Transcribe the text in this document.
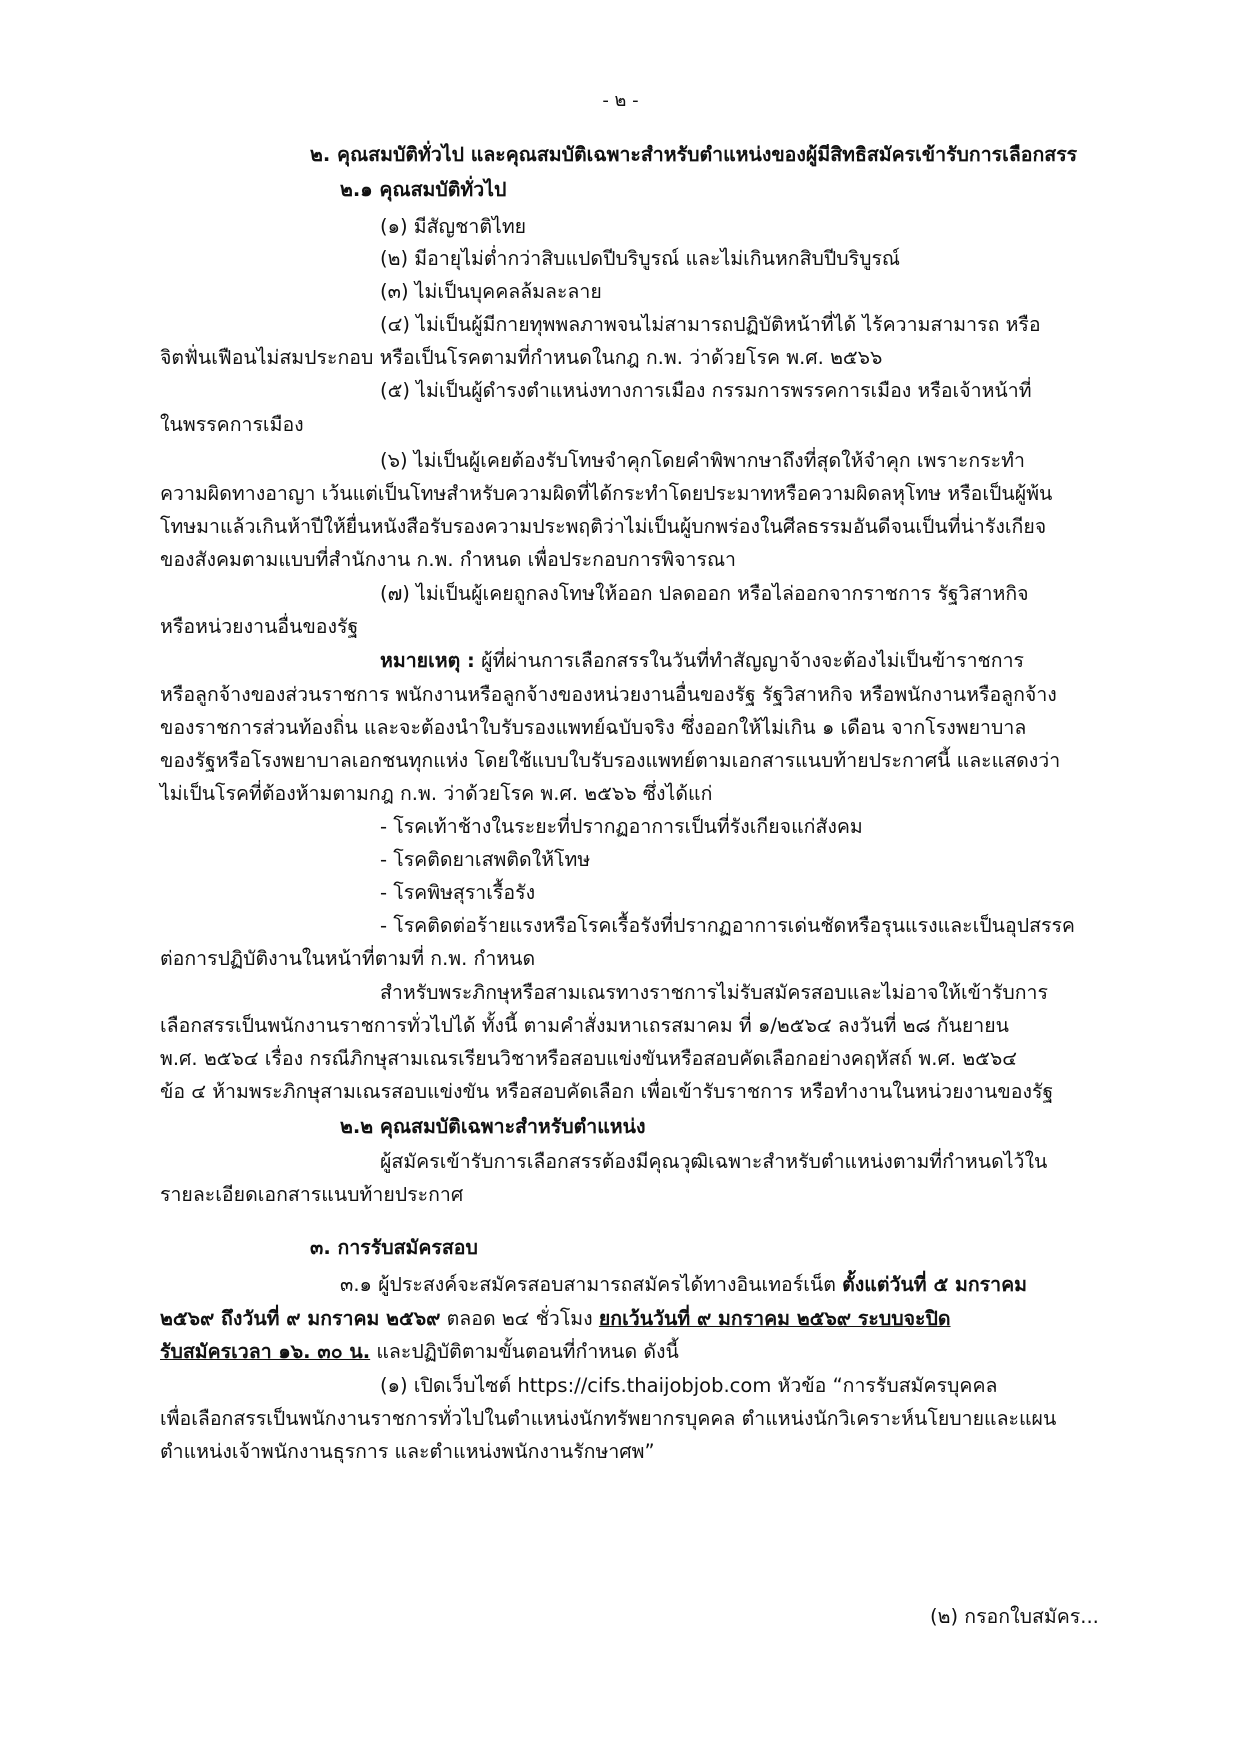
- ๒ -
๒. คุณสมบัติทั่วไป และคุณสมบัติเฉพาะสำหรับตำแหน่งของผู้มีสิทธิสมัครเข้ารับการเลือกสรร
๒.๑ คุณสมบัติทั่วไป
(๑) มีสัญชาติไทย
(๒) มีอายุไม่ต่ำกว่าสิบแปดปีบริบูรณ์ และไม่เกินหกสิบปีบริบูรณ์
(๓) ไม่เป็นบุคคลล้มละลาย
(๔) ไม่เป็นผู้มีกายทุพพลภาพจนไม่สามารถปฏิบัติหน้าที่ได้ ไร้ความสามารถ หรือ
จิตฟั่นเฟือนไม่สมประกอบ หรือเป็นโรคตามที่กำหนดในกฎ ก.พ. ว่าด้วยโรค พ.ศ. ๒๕๖๖
(๕) ไม่เป็นผู้ดำรงตำแหน่งทางการเมือง กรรมการพรรคการเมือง หรือเจ้าหน้าที่
ในพรรคการเมือง
(๖) ไม่เป็นผู้เคยต้องรับโทษจำคุกโดยคำพิพากษาถึงที่สุดให้จำคุก เพราะกระทำ
ความผิดทางอาญา เว้นแต่เป็นโทษสำหรับความผิดที่ได้กระทำโดยประมาทหรือความผิดลหุโทษ หรือเป็นผู้พ้น
โทษมาแล้วเกินห้าปีให้ยื่นหนังสือรับรองความประพฤติว่าไม่เป็นผู้บกพร่องในศีลธรรมอันดีจนเป็นที่น่ารังเกียจ
ของสังคมตามแบบที่สำนักงาน ก.พ. กำหนด เพื่อประกอบการพิจารณา
(๗) ไม่เป็นผู้เคยถูกลงโทษให้ออก ปลดออก หรือไล่ออกจากราชการ รัฐวิสาหกิจ
หรือหน่วยงานอื่นของรัฐ
หมายเหตุ : ผู้ที่ผ่านการเลือกสรรในวันที่ทำสัญญาจ้างจะต้องไม่เป็นข้าราชการ
หรือลูกจ้างของส่วนราชการ พนักงานหรือลูกจ้างของหน่วยงานอื่นของรัฐ รัฐวิสาหกิจ หรือพนักงานหรือลูกจ้าง
ของราชการส่วนท้องถิ่น และจะต้องนำใบรับรองแพทย์ฉบับจริง ซึ่งออกให้ไม่เกิน ๑ เดือน จากโรงพยาบาล
ของรัฐหรือโรงพยาบาลเอกชนทุกแห่ง โดยใช้แบบใบรับรองแพทย์ตามเอกสารแนบท้ายประกาศนี้ และแสดงว่า
ไม่เป็นโรคที่ต้องห้ามตามกฎ ก.พ. ว่าด้วยโรค พ.ศ. ๒๕๖๖ ซึ่งได้แก่
- โรคเท้าช้างในระยะที่ปรากฏอาการเป็นที่รังเกียจแก่สังคม
- โรคติดยาเสพติดให้โทษ
- โรคพิษสุราเรื้อรัง
- โรคติดต่อร้ายแรงหรือโรคเรื้อรังที่ปรากฏอาการเด่นชัดหรือรุนแรงและเป็นอุปสรรค
ต่อการปฏิบัติงานในหน้าที่ตามที่ ก.พ. กำหนด
สำหรับพระภิกษุหรือสามเณรทางราชการไม่รับสมัครสอบและไม่อาจให้เข้ารับการ
เลือกสรรเป็นพนักงานราชการทั่วไปได้ ทั้งนี้ ตามคำสั่งมหาเถรสมาคม ที่ ๑/๒๕๖๔ ลงวันที่ ๒๘ กันยายน
พ.ศ. ๒๕๖๔ เรื่อง กรณีภิกษุสามเณรเรียนวิชาหรือสอบแข่งขันหรือสอบคัดเลือกอย่างคฤหัสถ์ พ.ศ. ๒๕๖๔
ข้อ ๔ ห้ามพระภิกษุสามเณรสอบแข่งขัน หรือสอบคัดเลือก เพื่อเข้ารับราชการ หรือทำงานในหน่วยงานของรัฐ
๒.๒ คุณสมบัติเฉพาะสำหรับตำแหน่ง
ผู้สมัครเข้ารับการเลือกสรรต้องมีคุณวุฒิเฉพาะสำหรับตำแหน่งตามที่กำหนดไว้ใน
รายละเอียดเอกสารแนบท้ายประกาศ
๓. การรับสมัครสอบ
๓.๑ ผู้ประสงค์จะสมัครสอบสามารถสมัครได้ทางอินเทอร์เน็ต ตั้งแต่วันที่ ๕ มกราคม
๒๕๖๙ ถึงวันที่ ๙ มกราคม ๒๕๖๙ ตลอด ๒๔ ชั่วโมง ยกเว้นวันที่ ๙ มกราคม ๒๕๖๙ ระบบจะปิด
รับสมัครเวลา ๑๖. ๓๐ น. และปฏิบัติตามขั้นตอนที่กำหนด ดังนี้
(๑) เปิดเว็บไซต์ https://cifs.thaijobjob.com หัวข้อ “การรับสมัครบุคคล
เพื่อเลือกสรรเป็นพนักงานราชการทั่วไปในตำแหน่งนักทรัพยากรบุคคล ตำแหน่งนักวิเคราะห์นโยบายและแผน
ตำแหน่งเจ้าพนักงานธุรการ และตำแหน่งพนักงานรักษาศพ”
(๒) กรอกใบสมัคร...
